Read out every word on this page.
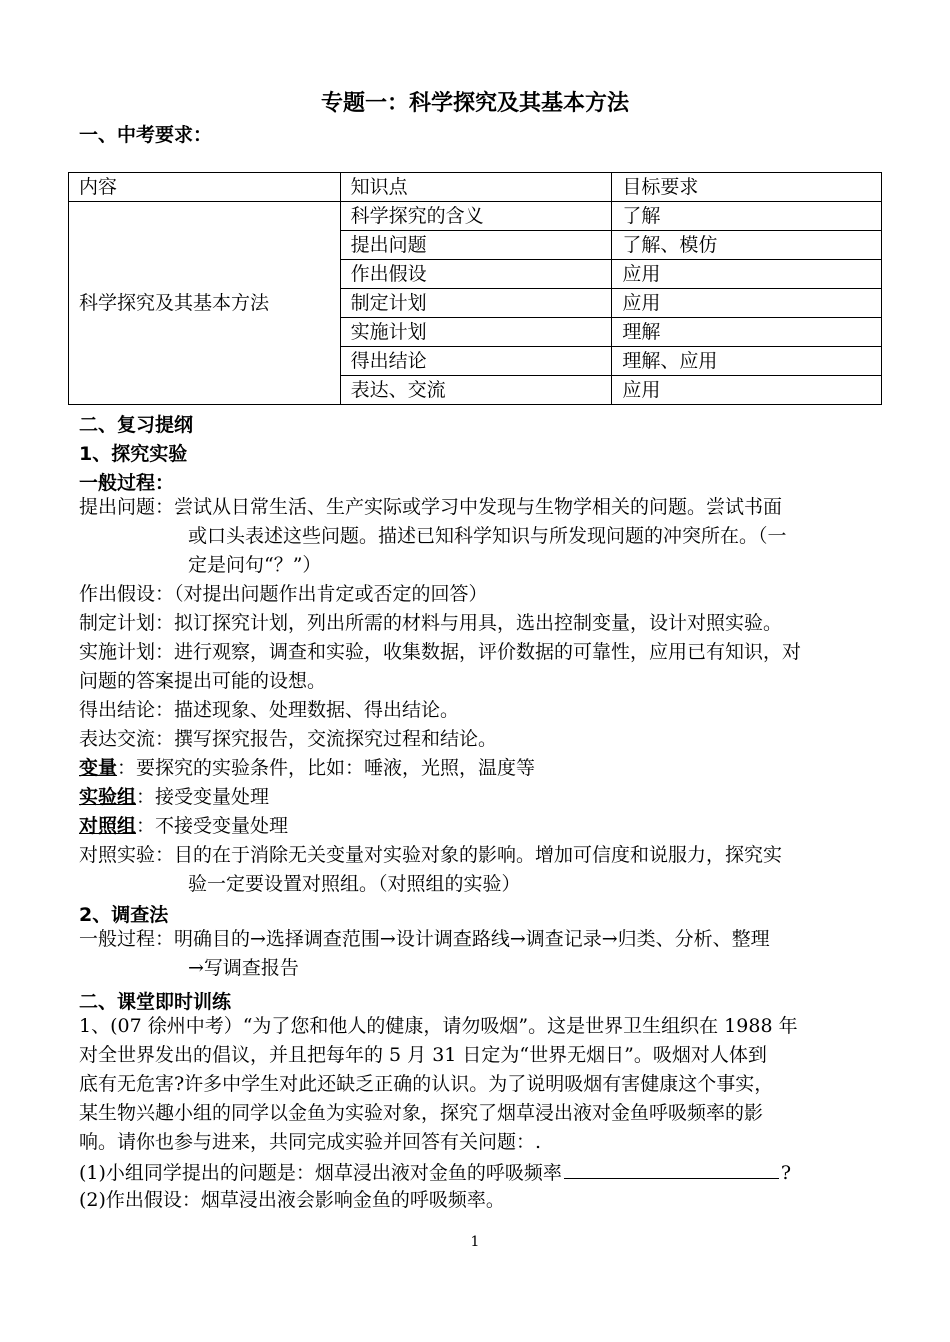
专题一：科学探究及其基本方法
一、中考要求：
内容	知识点	目标要求
科学探究及其基本方法	科学探究的含义	了解
	提出问题	了解、模仿
	作出假设	应用
	制定计划	应用
	实施计划	理解
	得出结论	理解、应用
	表达、交流	应用
二、复习提纲
1、探究实验
一般过程：
提出问题：尝试从日常生活、生产实际或学习中发现与生物学相关的问题。尝试书面
或口头表述这些问题。描述已知科学知识与所发现问题的冲突所在。（一
定是问句“？”）
作出假设：（对提出问题作出肯定或否定的回答）
制定计划：拟订探究计划，列出所需的材料与用具，选出控制变量，设计对照实验。
实施计划：进行观察，调查和实验，收集数据，评价数据的可靠性，应用已有知识，对
问题的答案提出可能的设想。
得出结论：描述现象、处理数据、得出结论。
表达交流：撰写探究报告，交流探究过程和结论。
变量：要探究的实验条件，比如：唾液，光照，温度等
实验组：接受变量处理
对照组：不接受变量处理
对照实验：目的在于消除无关变量对实验对象的影响。增加可信度和说服力，探究实
验一定要设置对照组。（对照组的实验）
2、调查法
一般过程：明确目的→选择调查范围→设计调查路线→调查记录→归类、分析、整理
→写调查报告
二、课堂即时训练
1、(07 徐州中考）“为了您和他人的健康，请勿吸烟”。这是世界卫生组织在 1988 年
对全世界发出的倡议，并且把每年的 5 月 31 日定为“世界无烟日”。吸烟对人体到
底有无危害?许多中学生对此还缺乏正确的认识。为了说明吸烟有害健康这个事实，
某生物兴趣小组的同学以金鱼为实验对象，探究了烟草浸出液对金鱼呼吸频率的影
响。请你也参与进来，共同完成实验并回答有关问题：.
(1)小组同学提出的问题是：烟草浸出液对金鱼的呼吸频率	?
(2)作出假设：烟草浸出液会影响金鱼的呼吸频率。
1
